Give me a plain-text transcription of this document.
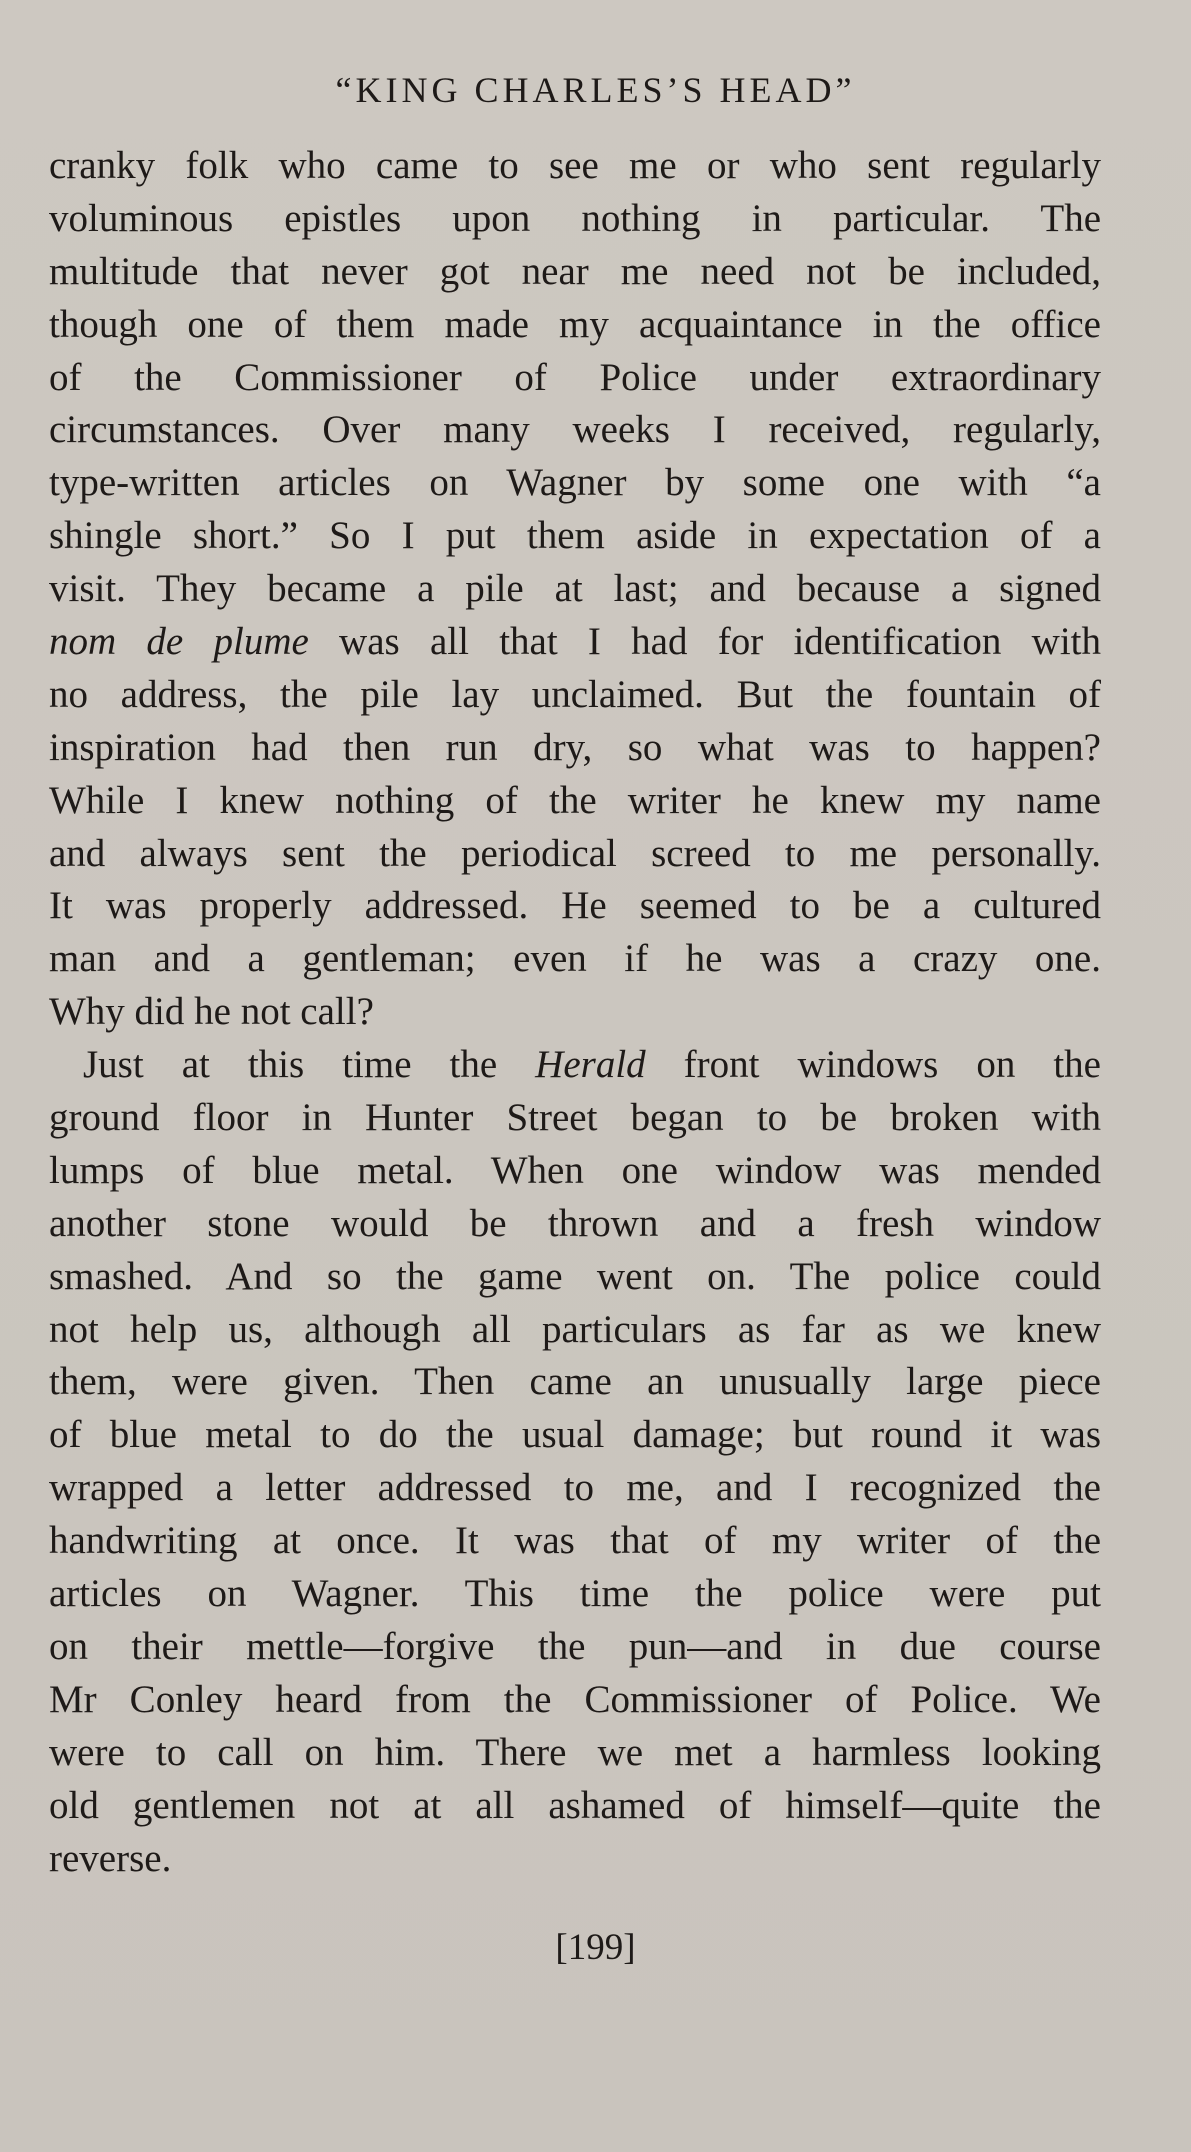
“KING CHARLES’S HEAD”
cranky folk who came to see me or who sent regularly
voluminous epistles upon nothing in particular. The
multitude that never got near me need not be included,
though one of them made my acquaintance in the office
of the Commissioner of Police under extraordinary
circumstances. Over many weeks I received, regularly,
type-written articles on Wagner by some one with “a
shingle short.” So I put them aside in expectation of a
visit. They became a pile at last; and because a signed
nom de plume was all that I had for identification with
no address, the pile lay unclaimed. But the fountain of
inspiration had then run dry, so what was to happen?
While I knew nothing of the writer he knew my name
and always sent the periodical screed to me personally.
It was properly addressed. He seemed to be a cultured
man and a gentleman; even if he was a crazy one.
Why did he not call?
Just at this time the Herald front windows on the
ground floor in Hunter Street began to be broken with
lumps of blue metal. When one window was mended
another stone would be thrown and a fresh window
smashed. And so the game went on. The police could
not help us, although all particulars as far as we knew
them, were given. Then came an unusually large piece
of blue metal to do the usual damage; but round it was
wrapped a letter addressed to me, and I recognized the
handwriting at once. It was that of my writer of the
articles on Wagner. This time the police were put
on their mettle—forgive the pun—and in due course
Mr Conley heard from the Commissioner of Police. We
were to call on him. There we met a harmless looking
old gentlemen not at all ashamed of himself—quite the
reverse.
[199]
